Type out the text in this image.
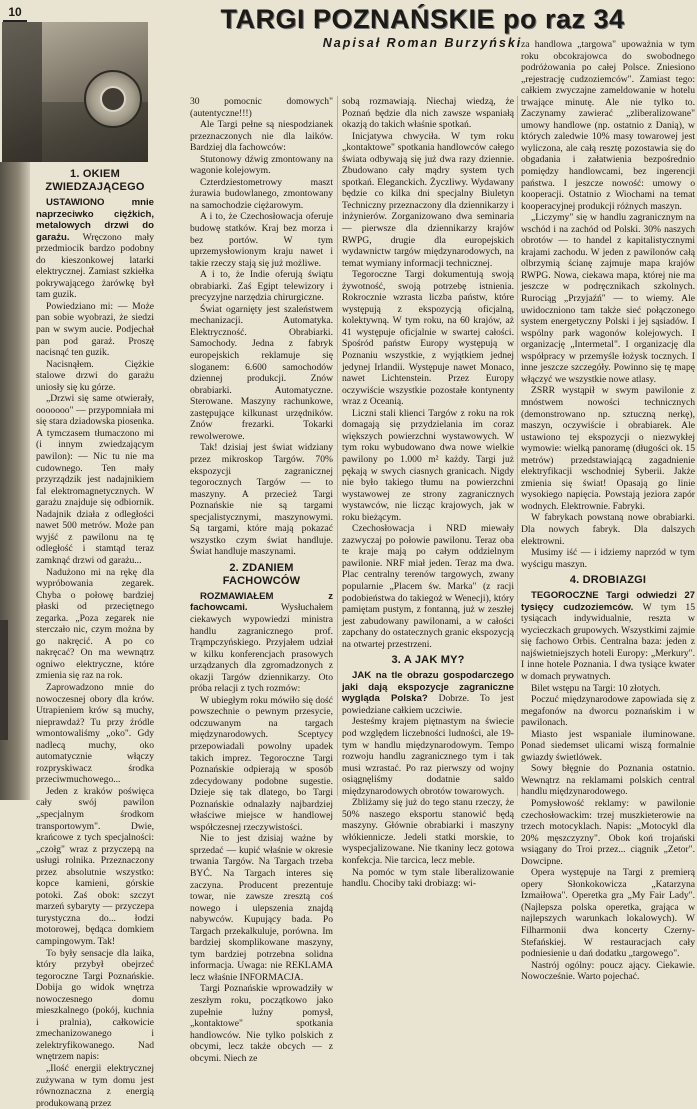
10	TARGI POZNAŃSKIE po raz 34
Napisał Roman Burzyński
1. OKIEM ZWIEDZAJĄCEGO

USTAWIONO mnie naprzeciwko ciężkich, metalowych drzwi do garażu. Wręczono mały przedmiocik bardzo podobny do kieszonkowej latarki elektrycznej. Zamiast szkiełka pokrywającego żarówkę był tam guzik.

Powiedziano mi: — Może pan sobie wyobrazi, że siedzi pan w swym aucie. Podjechał pan pod garaż. Proszę nacisnąć ten guzik.

Nacisnąłem. Ciężkie stalowe drzwi do garażu uniosły się ku górze.

„Drzwi się same otwierały, ooooooo" — przypomniała mi się stara dziadowska piosenka. A tymczasem tłumaczono mi (i innym zwiedzającym pawilon): — Nic tu nie ma cudownego. Ten mały przyrządzik jest nadajnikiem fal elektromagnetycznych. W garażu znajduje się odbiornik. Nadajnik działa z odległości nawet 500 metrów. Może pan wyjść z pawilonu na tę odległość i stamtąd teraz zamknąć drzwi od garażu...

Nadużono mi na rękę dla wypróbowania zegarek. Chyba o połowę bardziej płaski od przeciętnego zegarka. „Poza zegarek nie sterczało nic, czym można by go nakręcić. A po co nakręcać? On ma wewnątrz ogniwo elektryczne, które zmienia się raz na rok.

Zaprowadzono mnie do nowoczesnej obory dla krów. Utrapieniem krów są muchy, nieprawdaż? Tu przy źródle wmontowaliśmy „oko". Gdy nadlecą muchy, oko automatycznie włączy rozpryskiwacz środka przeciwmuchowego...

Jeden z kraków poświęca cały swój pawilon „specjalnym środkom transportowym". Dwie, krańcowe z tych specjalności: „czołg" wraz z przyczepą na usługi rolnika. Przeznaczony przez absolutnie wszystko: kopce kamieni, górskie potoki. Zaś obok: szczyt marzeń sybaryty — przyczepa turystyczna do... łodzi motorowej, będąca domkiem campingowym. Tak!

To były sensacje dla laika, który przybył obejrzeć tegoroczne Targi Poznańskie. Dobija go widok wnętrza nowoczesnego domu mieszkalnego (pokój, kuchnia i pralnia), całkowicie zmechanizowanego i zelektryfikowanego. Nad wnętrzem napis:

„Ilość energii elektrycznej zużywana w tym domu jest równoznaczna z energią produkowaną przez

30 pomocnic domowych" (autentyczne!!!)

Ale Targi pełne są niespodzianek przeznaczonych nie dla laików. Bardziej dla fachowców:

Stutonowy dźwig zmontowany na wagonie kolejowym.

Czterdziestometrowy maszt żurawia budowlanego, zmontowany na samochodzie ciężarowym.

A i to, że Czechosłowacja oferuje budowę statków. Kraj bez morza i bez portów. W tym uprzemysłowionym kraju nawet i takie rzeczy stają się już możliwe.

A i to, że Indie oferują świątu obrabiarki. Zaś Egipt telewizory i precyzyjne narzędzia chirurgiczne.

Świat ogarnięty jest szaleństwem mechanizacji. Automatyka. Elektryczność. Obrabiarki. Samochody. Jedna z fabryk europejskich reklamuje się sloganem: 6.600 samochodów dziennej produkcji. Znów obrabiarki. Automatyczne. Sterowane. Maszyny rachunkowe, zastępujące kilkunast urzędników. Znów frezarki. Tokarki rewolwerowe.

Tak! dzisiaj jest świat widziany przez mikroskop Targów. 70% ekspozycji zagranicznej tegorocznych Targów — to maszyny. A przecież Targi Poznańskie nie są targami specjalistycznymi, maszynowymi. Są targami, które mają pokazać wszystko czym świat handluje. Świat handluje maszynami.

2. ZDANIEM FACHOWCÓW

ROZMAWIAŁEM z fachowcami. Wysłuchałem ciekawych wypowiedzi ministra handlu zagranicznego prof. Trąmpczyńskiego. Przyjałem udział w kilku konferencjach prasowych urządzanych dla zgromadzonych z okazji Targów dziennikarzy. Oto próba relacji z tych rozmów:

W ubiegłym roku mówiło się dość powszechnie o pewnym przesycie, odczuwanym na targach międzynarodowych. Sceptycy przepowiadali powolny upadek takich imprez. Tegoroczne Targi Poznańskie odpierają w sposób zdecydowany podobne sugestie. Dzieje się tak dlatego, bo Targi Poznańskie odnalazły najbardziej właściwe miejsce w handlowej współczesnej rzeczywistości.

Nie to jest dzisiaj ważne by sprzedać — kupić właśnie w okresie trwania Targów. Na Targach trzeba BYĆ. Na Targach interes się zaczyna. Producent prezentuje towar, nie zawsze zresztą coś nowego i ulepszenia znajdą nabywców. Kupujący bada. Po Targach przekalkuluje, porówna. Im bardziej skomplikowane maszyny, tym bardziej potrzebna solidna informacja. Uwaga: nie REKLAMA lecz właśnie INFORMACJA.

Targi Poznańskie wprowadziły w zeszłym roku, początkowo jako zupełnie luźny pomysł, „kontaktowe" spotkania handlowców. Nie tylko polskich z obcymi, lecz także obcych — z obcymi. Niech ze

sobą rozmawiają. Niechaj wiedzą, że Poznań będzie dla nich zawsze wspaniałą okazją do takich właśnie spotkań.

Inicjatywa chwyciła. W tym roku „kontaktowe" spotkania handlowców całego świata odbywają się już dwa razy dziennie. Zbudowano cały mądry system tych spotkań. Eleganckich. Życzliwy. Wydawany będzie co kilka dni specjalny Biuletyn Techniczny przeznaczony dla dziennikarzy i inżynierów. Zorganizowano dwa seminaria — pierwsze dla dziennikarzy krajów RWPG, drugie dla europejskich wydawnictw targów międzynarodowych, na temat wymiany informacji technicznej.

Tegoroczne Targi dokumentują swoją żywotność, swoją potrzebę istnienia. Rokrocznie wzrasta liczba państw, które występują z ekspozycją oficjalną, kolektywną. W tym roku, na 60 krajów, aż 41 występuje oficjalnie w swartej całości. Spośród państw Europy występują w Poznaniu wszystkie, z wyjątkiem jednej jedynej Irlandii. Występuje nawet Monaco, nawet Lichtenstein. Przez Europy oczywiście wszystkie pozostałe kontynenty wraz z Oceanią.

Liczni stali klienci Targów z roku na rok domagają się przydzielania im coraz większych powierzchni wystawowych. W tym roku wybudowano dwa nowe wielkie pawilony po 1.000 m² każdy. Targi już pękają w swych ciasnych granicach. Nigdy nie było takiego tłumu na powierzchni wystawowej ze strony zagranicznych wystawców, nie licząc krajowych, jak w roku bieżącym.

Czechosłowacja i NRD miewały zazwyczaj po połowie pawilonu. Teraz oba te kraje mają po całym oddzielnym pawilonie. NRF miał jeden. Teraz ma dwa. Plac centralny terenów targowych, zwany popularnie „Placem św. Marka" (z racji podobieństwa do takiegoż w Wenecji), który pamiętam pustym, z fontanną, już w zeszłej jest zabudowany pawilonami, a w całości zapchany do ostatecznych granic ekspozycją na otwartej przestrzeni.

3. A JAK MY?

JAK na tle obrazu gospodarczego jaki dają ekspozycje zagraniczne wygląda Polska? Dobrze. To jest powiedziane całkiem uczciwie.

Jesteśmy krajem piętnastym na świecie pod względem liczebności ludności, ale 19-tym w handlu międzynarodowym. Tempo rozwoju handlu zagranicznego tym i tak musi wzrastać. Po raz pierwszy od wojny osiągnęliśmy dodatnie saldo międzynarodowych obrotów towarowych.

Zbliżamy się już do tego stanu rzeczy, że 50% naszego eksportu stanowić będą maszyny. Głównie obrabiarki i maszyny włókiennicze. Jedeli statki morskie, to wyspecjalizowane. Nie tkaniny lecz gotowa konfekcja. Nie tarcica, lecz meble.

Na pomóc w tym stale liberalizowanie handlu. Chociby taki drobiazg: wi-

za handlowa „targowa" upoważnia w tym roku obcokrajowca do swobodnego podróżowania po całej Polsce. Zniesiono „rejestrację cudzoziemców". Zamiast tego: całkiem zwyczajne zameldowanie w hotelu trwające minutę. Ale nie tylko to. Zaczynamy zawierać „zliberalizowane" umowy handlowe (np. ostatnio z Danią), w których zaledwie 10% masy towarowej jest wyliczona, ale całą resztę pozostawia się do obgadania i załatwienia bezpośrednio pomiędzy handlowcami, bez ingerencji państwa. I jeszcze nowość: umowy o kooperacji. Ostatnio z Wiochami na temat kooperacyjnej produkcji różnych maszyn.

„Liczymy" się w handlu zagranicznym na wschód i na zachód od Polski. 30% naszych obrotów — to handel z kapitalistycznymi krajami zachodu. W jeden z pawilonów całą olbrzymią ścianę zajmuje mapa krajów RWPG. Nowa, ciekawa mapa, której nie ma jeszcze w podręcznikach szkolnych. Rurociąg „Przyjaźń" — to wiemy. Ale uwidoczniono tam także sieć połączonego system energetyczny Polski i jej sąsiadów. I wspólny park wagonów kolejowych. I organizację „Intermetal". I organizację dla współpracy w przemyśle łożysk tocznych. I inne jeszcze szczegóły. Powinno się tę mapę włączyć we wszystkie nowe atlasy.

ZSRR wystąpił w swym pawilonie z mnóstwem nowości technicznych (demonstrowano np. sztuczną nerkę), maszyn, oczywiście i obrabiarek. Ale ustawiono tej ekspozycji o niezwykłej wymowie: wielką panoramę (długości ok. 15 metrów) przedstawiającą zagadnienie elektryfikacji wschodniej Syberii. Jakże zmienia się świat! Opasają go linie wysokiego napięcia. Powstają jeziora zapór wodnych. Elektrownie. Fabryki.

W fabrykach powstaną nowe obrabiarki. Dla nowych fabryk. Dla dalszych elektrowni.

Musimy iść — i idziemy naprzód w tym wyścigu maszyn.

4. DROBIAZGI

TEGOROCZNE Targi odwiedzi 27 tysięcy cudzoziemców. W tym 15 tysiącach indywidualnie, reszta w wycieczkach grupowych. Wszystkimi zajmie się fachowo Orbis. Centralna baza: jeden z najświetniejszych hoteli Europy: „Merkury". I inne hotele Poznania. I dwa tysiące kwater w domach prywatnych.

Bilet wstępu na Targi: 10 złotych.

Poczuć międzynarodowe zapowiada się z megafonów na dworcu poznańskim i w pawilonach.

Miasto jest wspaniale iluminowane. Ponad siedemset ulicami wiszą formalnie gwiazdy świetlówek.

Sowy błęgnie do Poznania ostatnio. Wewnątrz na reklamami polskich central handlu międzynarodowego.

Pomysłowość reklamy: w pawilonie czechosłowackim: trzej muszkieterowie na trzech motocyklach. Napis: „Motocykl dla 20% męszczyzny". Obok koń trojański wsiągany do Troi przez... ciągnik „Zetor". Dowcipne.

Opera występuje na Targi z premierą opery Słonkokowicza „Katarzyna Izmaiłowa". Operetka gra „My Fair Lady". (Najlepsza polska operetka, grająca w najlepszych warunkach lokalowych). W Filharmonii dwa koncerty Czerny-Stefańskiej. W restauracjach cały podniesienie u dań dodatku „targowego".

Nastrój ogólny: poucz ający. Ciekawie. Nowocześnie. Warto pojechać.
